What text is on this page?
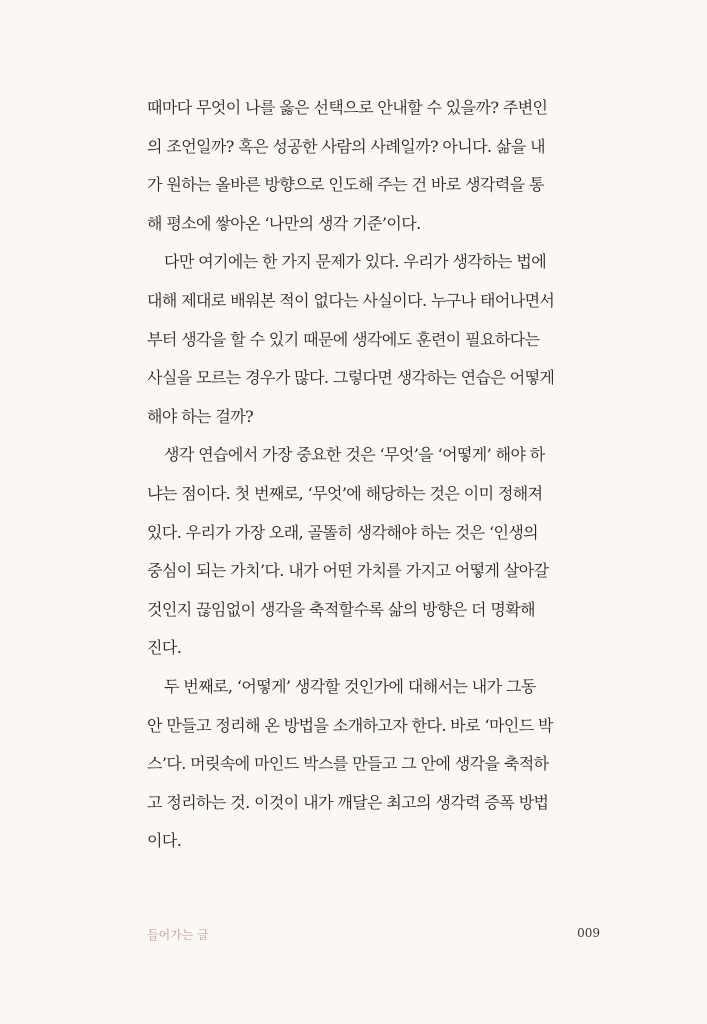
때마다 무엇이 나를 옳은 선택으로 안내할 수 있을까? 주변인
의 조언일까? 혹은 성공한 사람의 사례일까? 아니다. 삶을 내
가 원하는 올바른 방향으로 인도해 주는 건 바로 생각력을 통
해 평소에 쌓아온 ‘나만의 생각 기준’이다.
다만 여기에는 한 가지 문제가 있다. 우리가 생각하는 법에
대해 제대로 배워본 적이 없다는 사실이다. 누구나 태어나면서
부터 생각을 할 수 있기 때문에 생각에도 훈련이 필요하다는
사실을 모르는 경우가 많다. 그렇다면 생각하는 연습은 어떻게
해야 하는 걸까?
생각 연습에서 가장 중요한 것은 ‘무엇’을 ‘어떻게’ 해야 하
냐는 점이다. 첫 번째로, ‘무엇’에 해당하는 것은 이미 정해져
있다. 우리가 가장 오래, 골똘히 생각해야 하는 것은 ‘인생의
중심이 되는 가치’다. 내가 어떤 가치를 가지고 어떻게 살아갈
것인지 끊임없이 생각을 축적할수록 삶의 방향은 더 명확해
진다.
두 번째로, ‘어떻게’ 생각할 것인가에 대해서는 내가 그동
안 만들고 정리해 온 방법을 소개하고자 한다. 바로 ‘마인드 박
스’다. 머릿속에 마인드 박스를 만들고 그 안에 생각을 축적하
고 정리하는 것. 이것이 내가 깨달은 최고의 생각력 증폭 방법
이다.
들어가는 글	009
